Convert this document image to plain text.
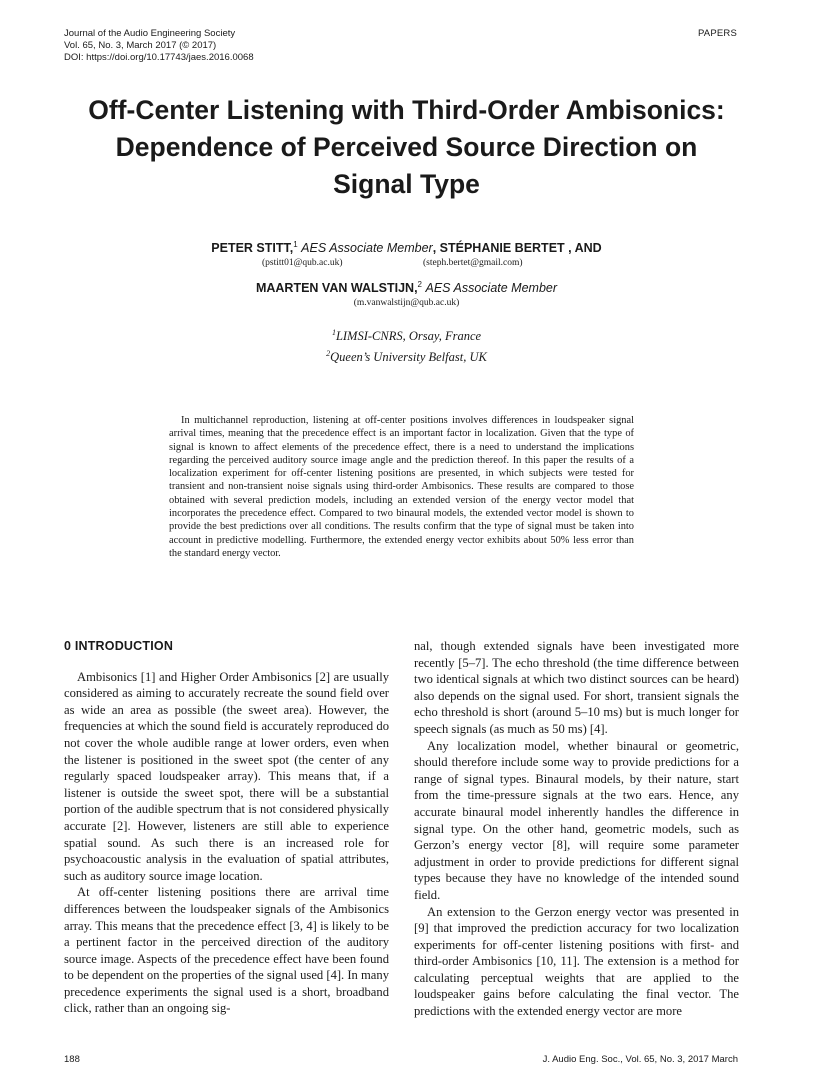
Journal of the Audio Engineering Society
Vol. 65, No. 3, March 2017 (© 2017)
DOI: https://doi.org/10.17743/jaes.2016.0068
PAPERS
Off-Center Listening with Third-Order Ambisonics:
Dependence of Perceived Source Direction on
Signal Type
PETER STITT,$^1$ AES Associate Member, STÉPHANIE BERTET , AND
(pstitt01@qub.ac.uk)	(steph.bertet@gmail.com)
MAARTEN VAN WALSTIJN,$^2$ AES Associate Member
(m.vanwalstijn@qub.ac.uk)
$^1$LIMSI-CNRS, Orsay, France
$^2$Queen’s University Belfast, UK
In multichannel reproduction, listening at off-center positions involves differences in loudspeaker signal arrival times, meaning that the precedence effect is an important factor in localization. Given that the type of signal is known to affect elements of the precedence effect, there is a need to understand the implications regarding the perceived auditory source image angle and the prediction thereof. In this paper the results of a localization experiment for off-center listening positions are presented, in which subjects were tested for transient and non-transient noise signals using third-order Ambisonics. These results are compared to those obtained with several prediction models, including an extended version of the energy vector model that incorporates the precedence effect. Compared to two binaural models, the extended vector model is shown to provide the best predictions over all conditions. The results confirm that the type of signal must be taken into account in predictive modelling. Furthermore, the extended energy vector exhibits about 50% less error than the standard energy vector.
0 INTRODUCTION

Ambisonics [1] and Higher Order Ambisonics [2] are usually considered as aiming to accurately recreate the sound field over as wide an area as possible (the sweet area). However, the frequencies at which the sound field is accurately reproduced do not cover the whole audible range at lower orders, even when the listener is positioned in the sweet spot (the center of any regularly spaced loudspeaker array). This means that, if a listener is outside the sweet spot, there will be a substantial portion of the audible spectrum that is not considered physically accurate [2]. However, listeners are still able to experience spatial sound. As such there is an increased role for psychoacoustic analysis in the evaluation of spatial attributes, such as auditory source image location.

At off-center listening positions there are arrival time differences between the loudspeaker signals of the Ambisonics array. This means that the precedence effect [3, 4] is likely to be a pertinent factor in the perceived direction of the auditory source image. Aspects of the precedence effect have been found to be dependent on the properties of the signal used [4]. In many precedence experiments the signal used is a short, broadband click, rather than an ongoing sig-

nal, though extended signals have been investigated more recently [5–7]. The echo threshold (the time difference between two identical signals at which two distinct sources can be heard) also depends on the signal used. For short, transient signals the echo threshold is short (around 5–10 ms) but is much longer for speech signals (as much as 50 ms) [4].

Any localization model, whether binaural or geometric, should therefore include some way to provide predictions for a range of signal types. Binaural models, by their nature, start from the time-pressure signals at the two ears. Hence, any accurate binaural model inherently handles the difference in signal type. On the other hand, geometric models, such as Gerzon’s energy vector [8], will require some parameter adjustment in order to provide predictions for different signal types because they have no knowledge of the intended sound field.

An extension to the Gerzon energy vector was presented in [9] that improved the prediction accuracy for two localization experiments for off-center listening positions with first- and third-order Ambisonics [10, 11]. The extension is a method for calculating perceptual weights that are applied to the loudspeaker gains before calculating the final vector. The predictions with the extended energy vector are more

188	J. Audio Eng. Soc., Vol. 65, No. 3, 2017 March
